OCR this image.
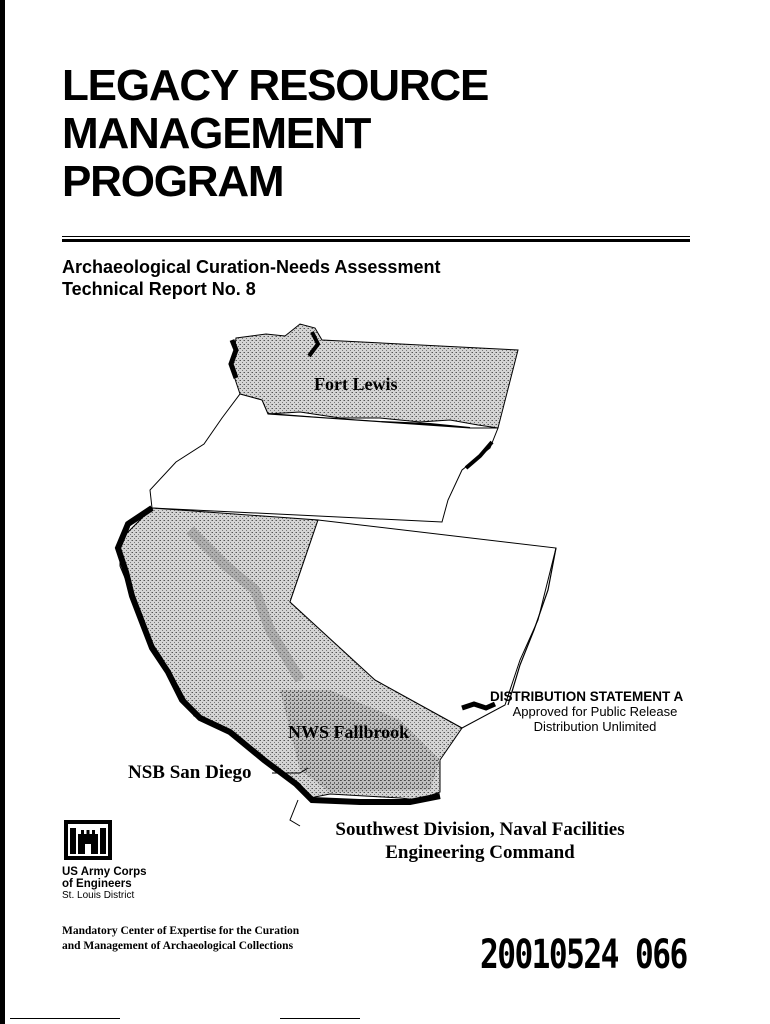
LEGACY RESOURCE
MANAGEMENT
PROGRAM
Archaeological Curation-Needs Assessment
Technical Report No. 8
Fort Lewis
NWS Fallbrook
DISTRIBUTION STATEMENT A
Approved for Public Release
Distribution Unlimited
NSB San Diego
Southwest Division, Naval Facilities
Engineering Command
US Army Corps
of Engineers
St. Louis District
Mandatory Center of Expertise for the Curation
and Management of Archaeological Collections	20010524 066
